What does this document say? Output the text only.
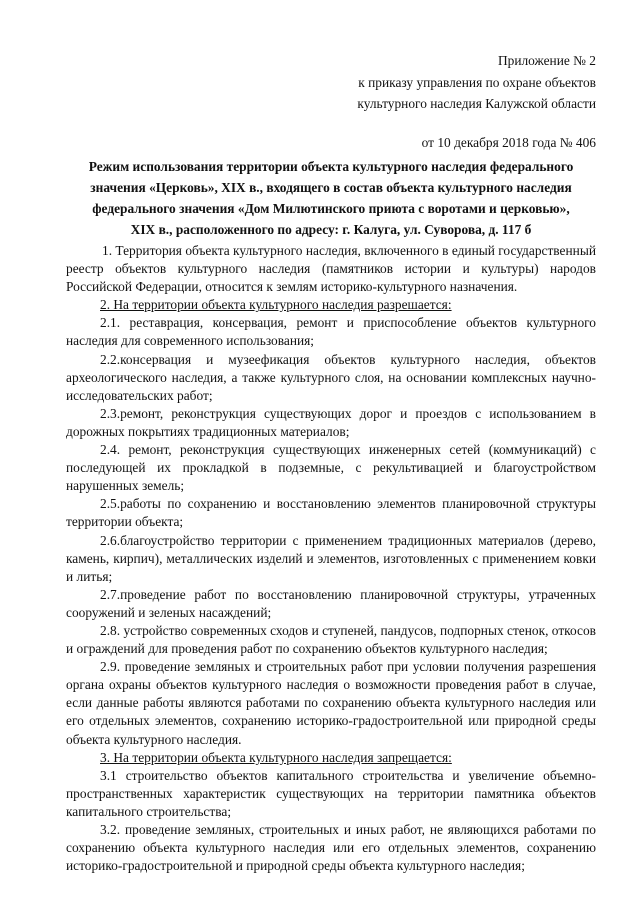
Приложение № 2
к приказу управления по охране объектов
культурного наследия Калужской области
от 10 декабря 2018 года № 406
Режим использования территории объекта культурного наследия федерального
значения «Церковь», XIX в., входящего в состав объекта культурного наследия
федерального значения «Дом Милютинского приюта с воротами и церковью»,
XIX в., расположенного по адресу: г. Калуга, ул. Суворова, д. 117 б

1. Территория объекта культурного наследия, включенного в единый государственный реестр объектов культурного наследия (памятников истории и культуры) народов Российской Федерации, относится к землям историко-культурного назначения.

2. На территории объекта культурного наследия разрешается:

2.1. реставрация, консервация, ремонт и приспособление объектов культурного наследия для современного использования;

2.2.консервация и музеефикация объектов культурного наследия, объектов археологического наследия, а также культурного слоя, на основании комплексных научно-исследовательских работ;

2.3.ремонт, реконструкция существующих дорог и проездов с использованием в дорожных покрытиях традиционных материалов;

2.4. ремонт, реконструкция существующих инженерных сетей (коммуникаций) с последующей их прокладкой в подземные, с рекультивацией и благоустройством нарушенных земель;

2.5.работы по сохранению и восстановлению элементов планировочной структуры территории объекта;

2.6.благоустройство территории с применением традиционных материалов (дерево, камень, кирпич), металлических изделий и элементов, изготовленных с применением ковки и литья;

2.7.проведение работ по восстановлению планировочной структуры, утраченных сооружений и зеленых насаждений;

2.8. устройство современных сходов и ступеней, пандусов, подпорных стенок, откосов и ограждений для проведения работ по сохранению объектов культурного наследия;

2.9. проведение земляных и строительных работ при условии получения разрешения органа охраны объектов культурного наследия о возможности проведения работ в случае, если данные работы являются работами по сохранению объекта культурного наследия или его отдельных элементов, сохранению историко-градостроительной или природной среды объекта культурного наследия.

3. На территории объекта культурного наследия запрещается:

3.1 строительство объектов капитального строительства и увеличение объемно-пространственных характеристик существующих на территории памятника объектов капитального строительства;

3.2. проведение земляных, строительных и иных работ, не являющихся работами по сохранению объекта культурного наследия или его отдельных элементов, сохранению историко-градостроительной и природной среды объекта культурного наследия;
